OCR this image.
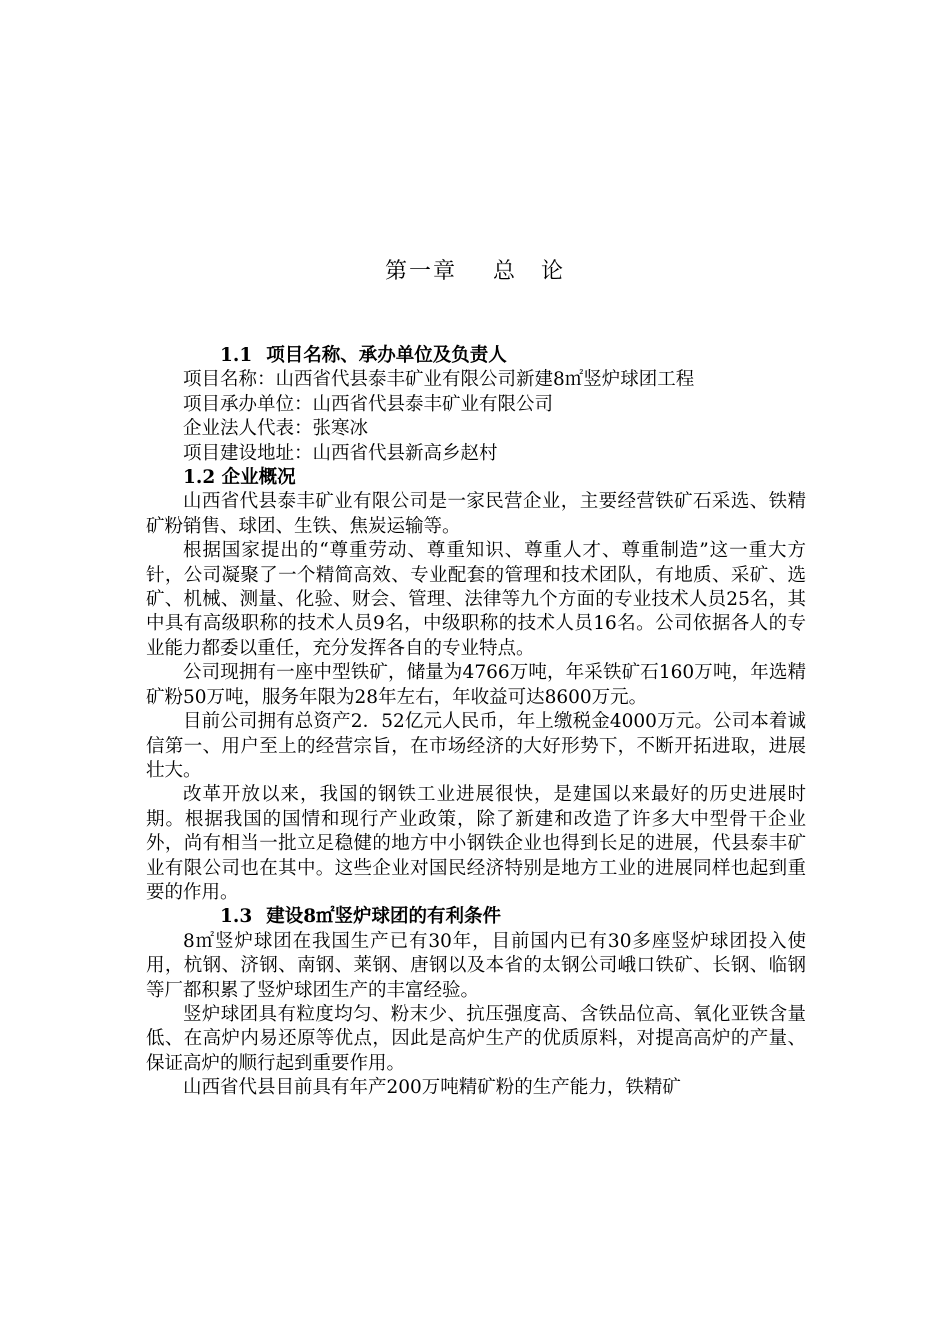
第一章 总　论
1.1 项目名称、承办单位及负责人

项目名称：山西省代县泰丰矿业有限公司新建8㎡竖炉球团工程

项目承办单位：山西省代县泰丰矿业有限公司

企业法人代表：张寒冰

项目建设地址：山西省代县新高乡赵村

1.2 企业概况

山西省代县泰丰矿业有限公司是一家民营企业，主要经营铁矿石采选、铁精矿粉销售、球团、生铁、焦炭运输等。

根据国家提出的“尊重劳动、尊重知识、尊重人才、尊重制造”这一重大方针，公司凝聚了一个精简高效、专业配套的管理和技术团队，有地质、采矿、选矿、机械、测量、化验、财会、管理、法律等九个方面的专业技术人员25名，其中具有高级职称的技术人员9名，中级职称的技术人员16名。公司依据各人的专业能力都委以重任，充分发挥各自的专业特点。

公司现拥有一座中型铁矿，储量为4766万吨，年采铁矿石160万吨，年选精矿粉50万吨，服务年限为28年左右，年收益可达8600万元。

目前公司拥有总资产2．52亿元人民币，年上缴税金4000万元。公司本着诚信第一、用户至上的经营宗旨，在市场经济的大好形势下，不断开拓进取，进展壮大。

改革开放以来，我国的钢铁工业进展很快，是建国以来最好的历史进展时期。根据我国的国情和现行产业政策，除了新建和改造了许多大中型骨干企业外，尚有相当一批立足稳健的地方中小钢铁企业也得到长足的进展，代县泰丰矿业有限公司也在其中。这些企业对国民经济特别是地方工业的进展同样也起到重要的作用。

1.3 建设8㎡竖炉球团的有利条件

8㎡竖炉球团在我国生产已有30年，目前国内已有30多座竖炉球团投入使用，杭钢、济钢、南钢、莱钢、唐钢以及本省的太钢公司峨口铁矿、长钢、临钢等厂都积累了竖炉球团生产的丰富经验。

竖炉球团具有粒度均匀、粉末少、抗压强度高、含铁品位高、氧化亚铁含量低、在高炉内易还原等优点，因此是高炉生产的优质原料，对提高高炉的产量、保证高炉的顺行起到重要作用。

山西省代县目前具有年产200万吨精矿粉的生产能力，铁精矿
